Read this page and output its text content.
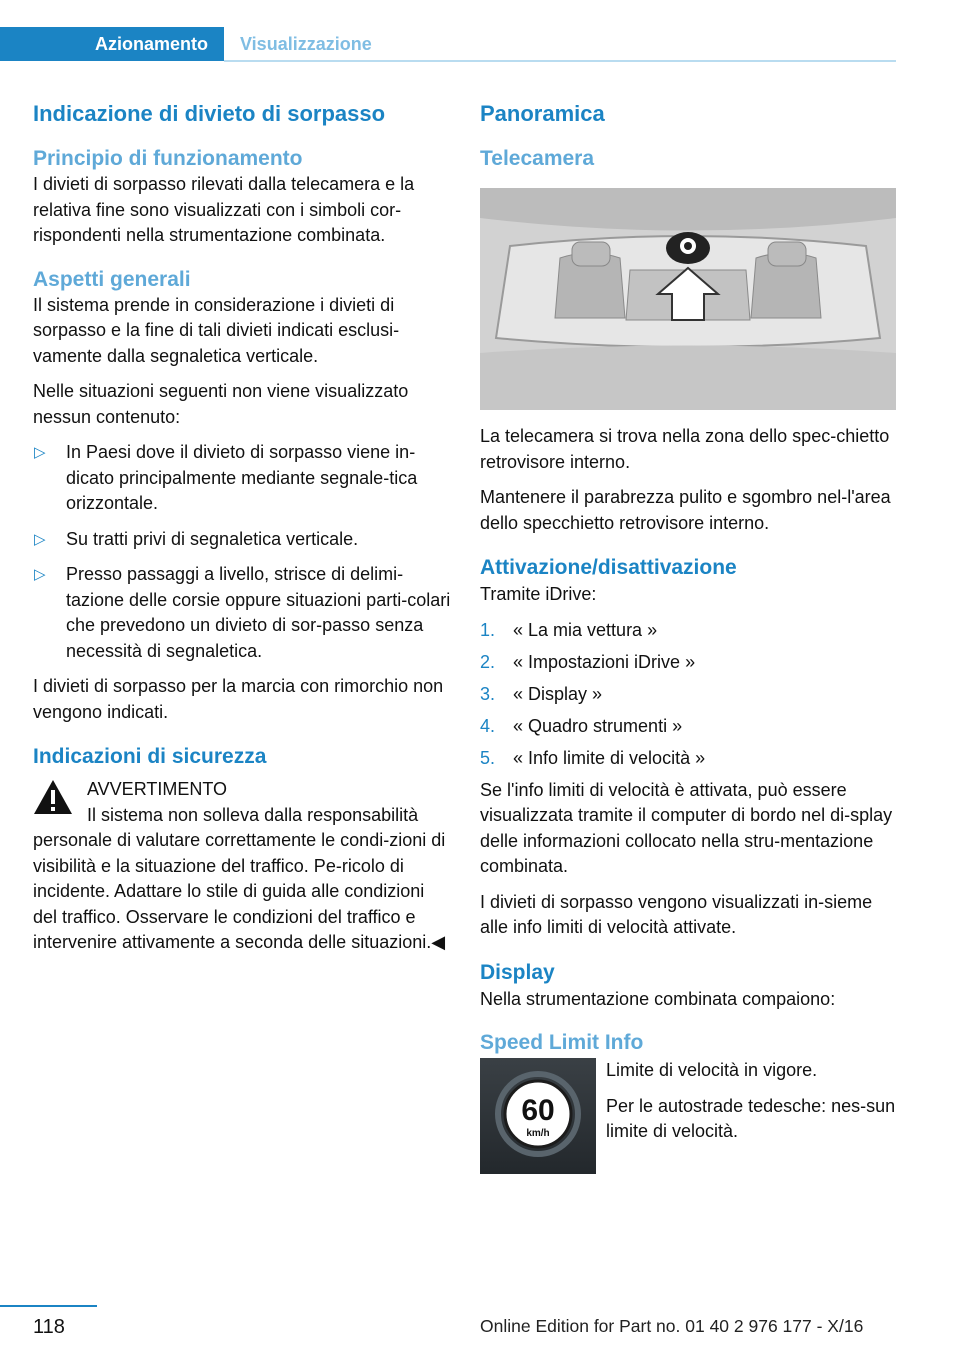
Azionamento Visualizzazione
Indicazione di divieto di sorpasso
Principio di funzionamento

I divieti di sorpasso rilevati dalla telecamera e la relativa fine sono visualizzati con i simboli cor-rispondenti nella strumentazione combinata.

Aspetti generali

Il sistema prende in considerazione i divieti di sorpasso e la fine di tali divieti indicati esclusi-vamente dalla segnaletica verticale.

Nelle situazioni seguenti non viene visualizzato nessun contenuto:

▷ In Paesi dove il divieto di sorpasso viene in-dicato principalmente mediante segnale-tica orizzontale.
▷ Su tratti privi di segnaletica verticale.
▷ Presso passaggi a livello, strisce di delimi-tazione delle corsie oppure situazioni parti-colari che prevedono un divieto di sor-passo senza necessità di segnaletica.

I divieti di sorpasso per la marcia con rimorchio non vengono indicati.

Indicazioni di sicurezza
AVVERTIMENTO

Il sistema non solleva dalla responsabilità

personale di valutare correttamente le condi-zioni di visibilità e la situazione del traffico. Pe-ricolo di incidente. Adattare lo stile di guida alle condizioni del traffico. Osservare le condizioni del traffico e intervenire attivamente a seconda delle situazioni.◀

Panoramica
Telecamera

La telecamera si trova nella zona dello spec-chietto retrovisore interno.

Mantenere il parabrezza pulito e sgombro nel-l'area dello specchietto retrovisore interno.

Attivazione/disattivazione

Tramite iDrive:

1. « La mia vettura »
2. « Impostazioni iDrive »
3. « Display »
4. « Quadro strumenti »
5. « Info limite di velocità »

Se l'info limiti di velocità è attivata, può essere visualizzata tramite il computer di bordo nel di-splay delle informazioni collocato nella stru-mentazione combinata.

I divieti di sorpasso vengono visualizzati in-sieme alle info limiti di velocità attivate.

Display

Nella strumentazione combinata compaiono:

Speed Limit Info
60
km/h

Limite di velocità in vigore.

Per le autostrade tedesche: nes-sun limite di velocità.

118	Online Edition for Part no. 01 40 2 976 177 - X/16
